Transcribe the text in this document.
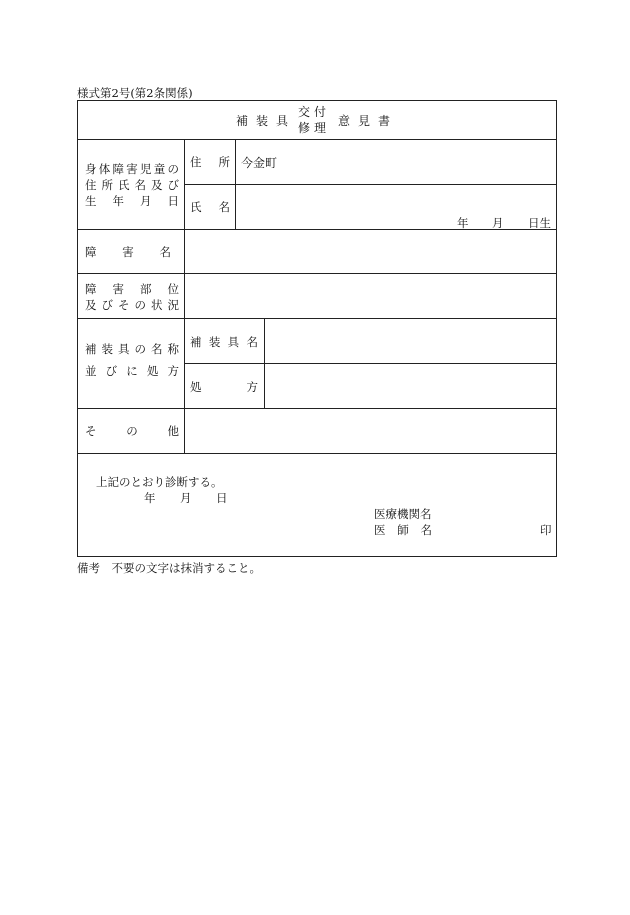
様式第2号(第2条関係)
補装具
交付
修理
意見書
身 体 障 害 児 童 の
住 所 氏 名 及 び
生 年 月 日
住 所 今金町
氏 名
年 月 日生
障 害 名
障 害 部 位
及 び そ の 状 況
補 装 具 の 名 称
並 び に 処 方
補 装 具 名
処	方
そ	の	他
上記のとおり診断する。
年 月 日
医療機関名
医 師 名	印
備考　不要の文字は抹消すること。
